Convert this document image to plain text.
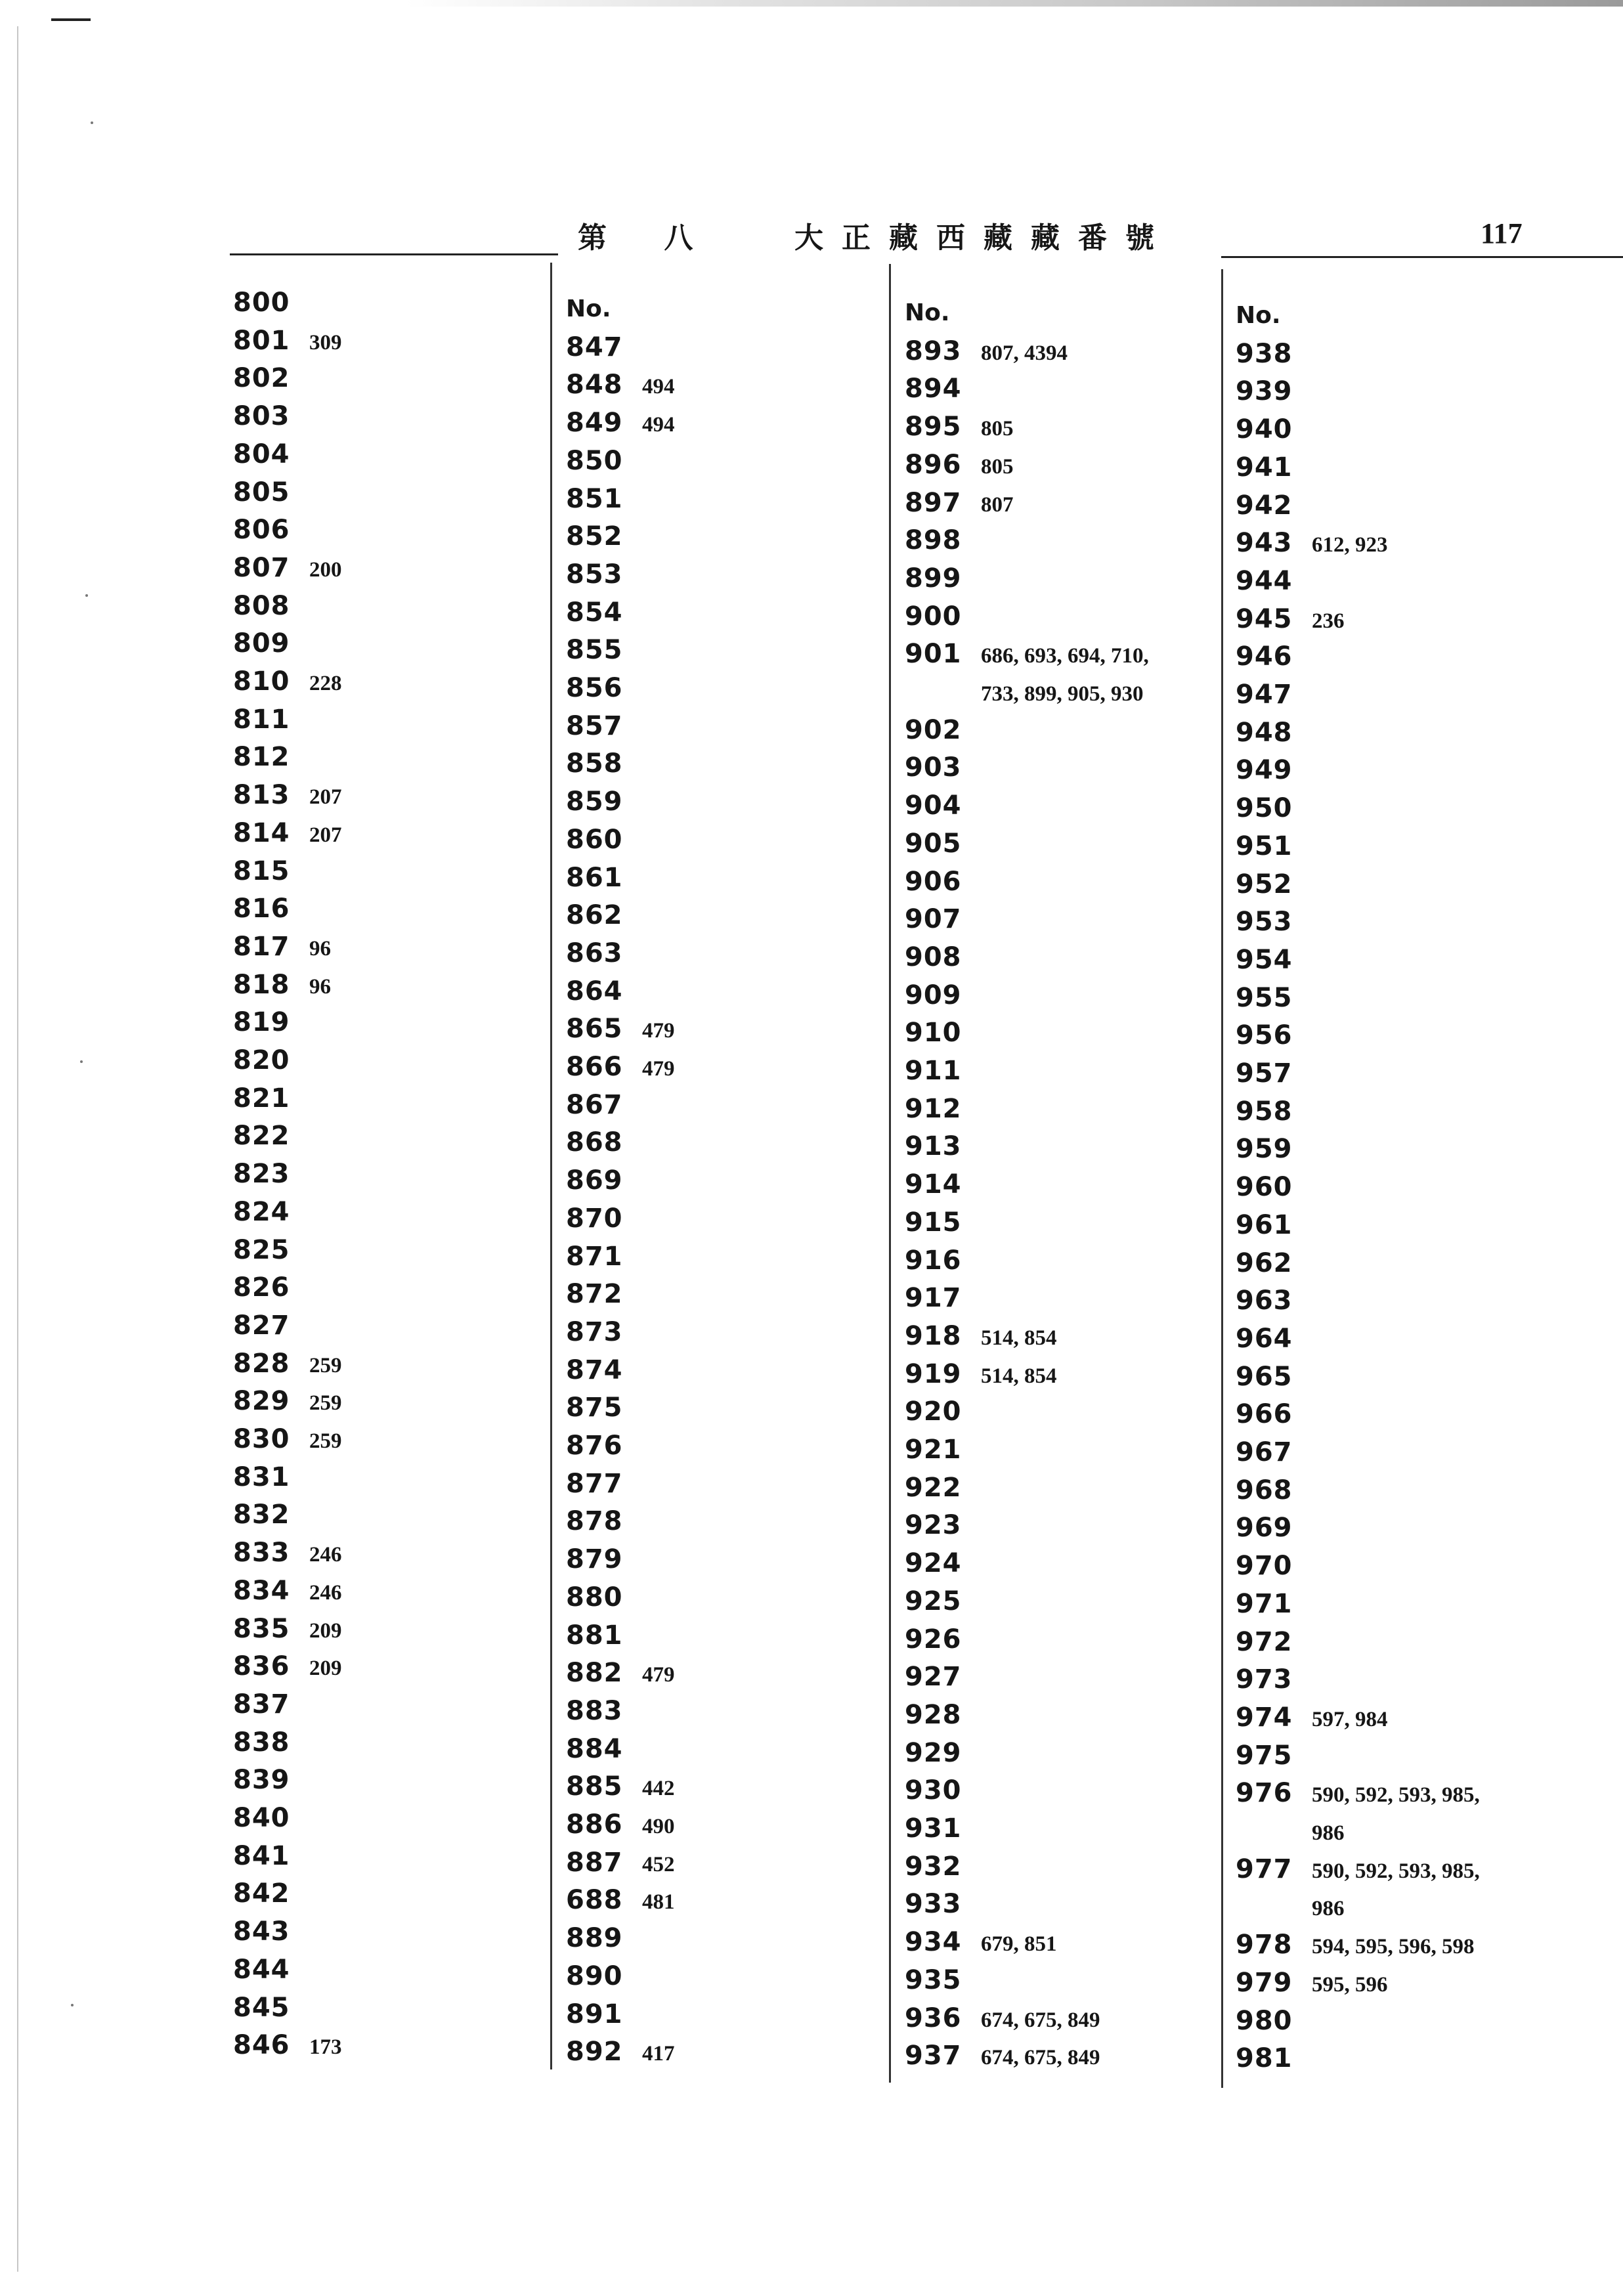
第 八	大正藏西藏藏番號	117
800
801 309
802
803
804
805
806
807 200
808
809
810 228
811
812
813 207
814 207
815
816
817 96
818 96
819
820
821
822
823
824
825
826
827
828 259
829 259
830 259
831
832
833 246
834 246
835 209
836 209
837
838
839
840
841
842
843
844
845
846 173
No.
847
848 494
849 494
850
851
852
853
854
855
856
857
858
859
860
861
862
863
864
865 479
866 479
867
868
869
870
871
872
873
874
875
876
877
878
879
880
881
882 479
883
884
885 442
886 490
887 452
688 481
889
890
891
892 417
No.
893 807, 4394
894
895 805
896 805
897 807
898
899
900
901 686, 693, 694, 710,
733, 899, 905, 930
902
903
904
905
906
907
908
909
910
911
912
913
914
915
916
917
918 514, 854
919 514, 854
920
921
922
923
924
925
926
927
928
929
930
931
932
933
934 679, 851
935
936 674, 675, 849
937 674, 675, 849
No.
938
939
940
941
942
943 612, 923
944
945 236
946
947
948
949
950
951
952
953
954
955
956
957
958
959
960
961
962
963
964
965
966
967
968
969
970
971
972
973
974 597, 984
975
976 590, 592, 593, 985,
986
977 590, 592, 593, 985,
986
978 594, 595, 596, 598
979 595, 596
980
981
